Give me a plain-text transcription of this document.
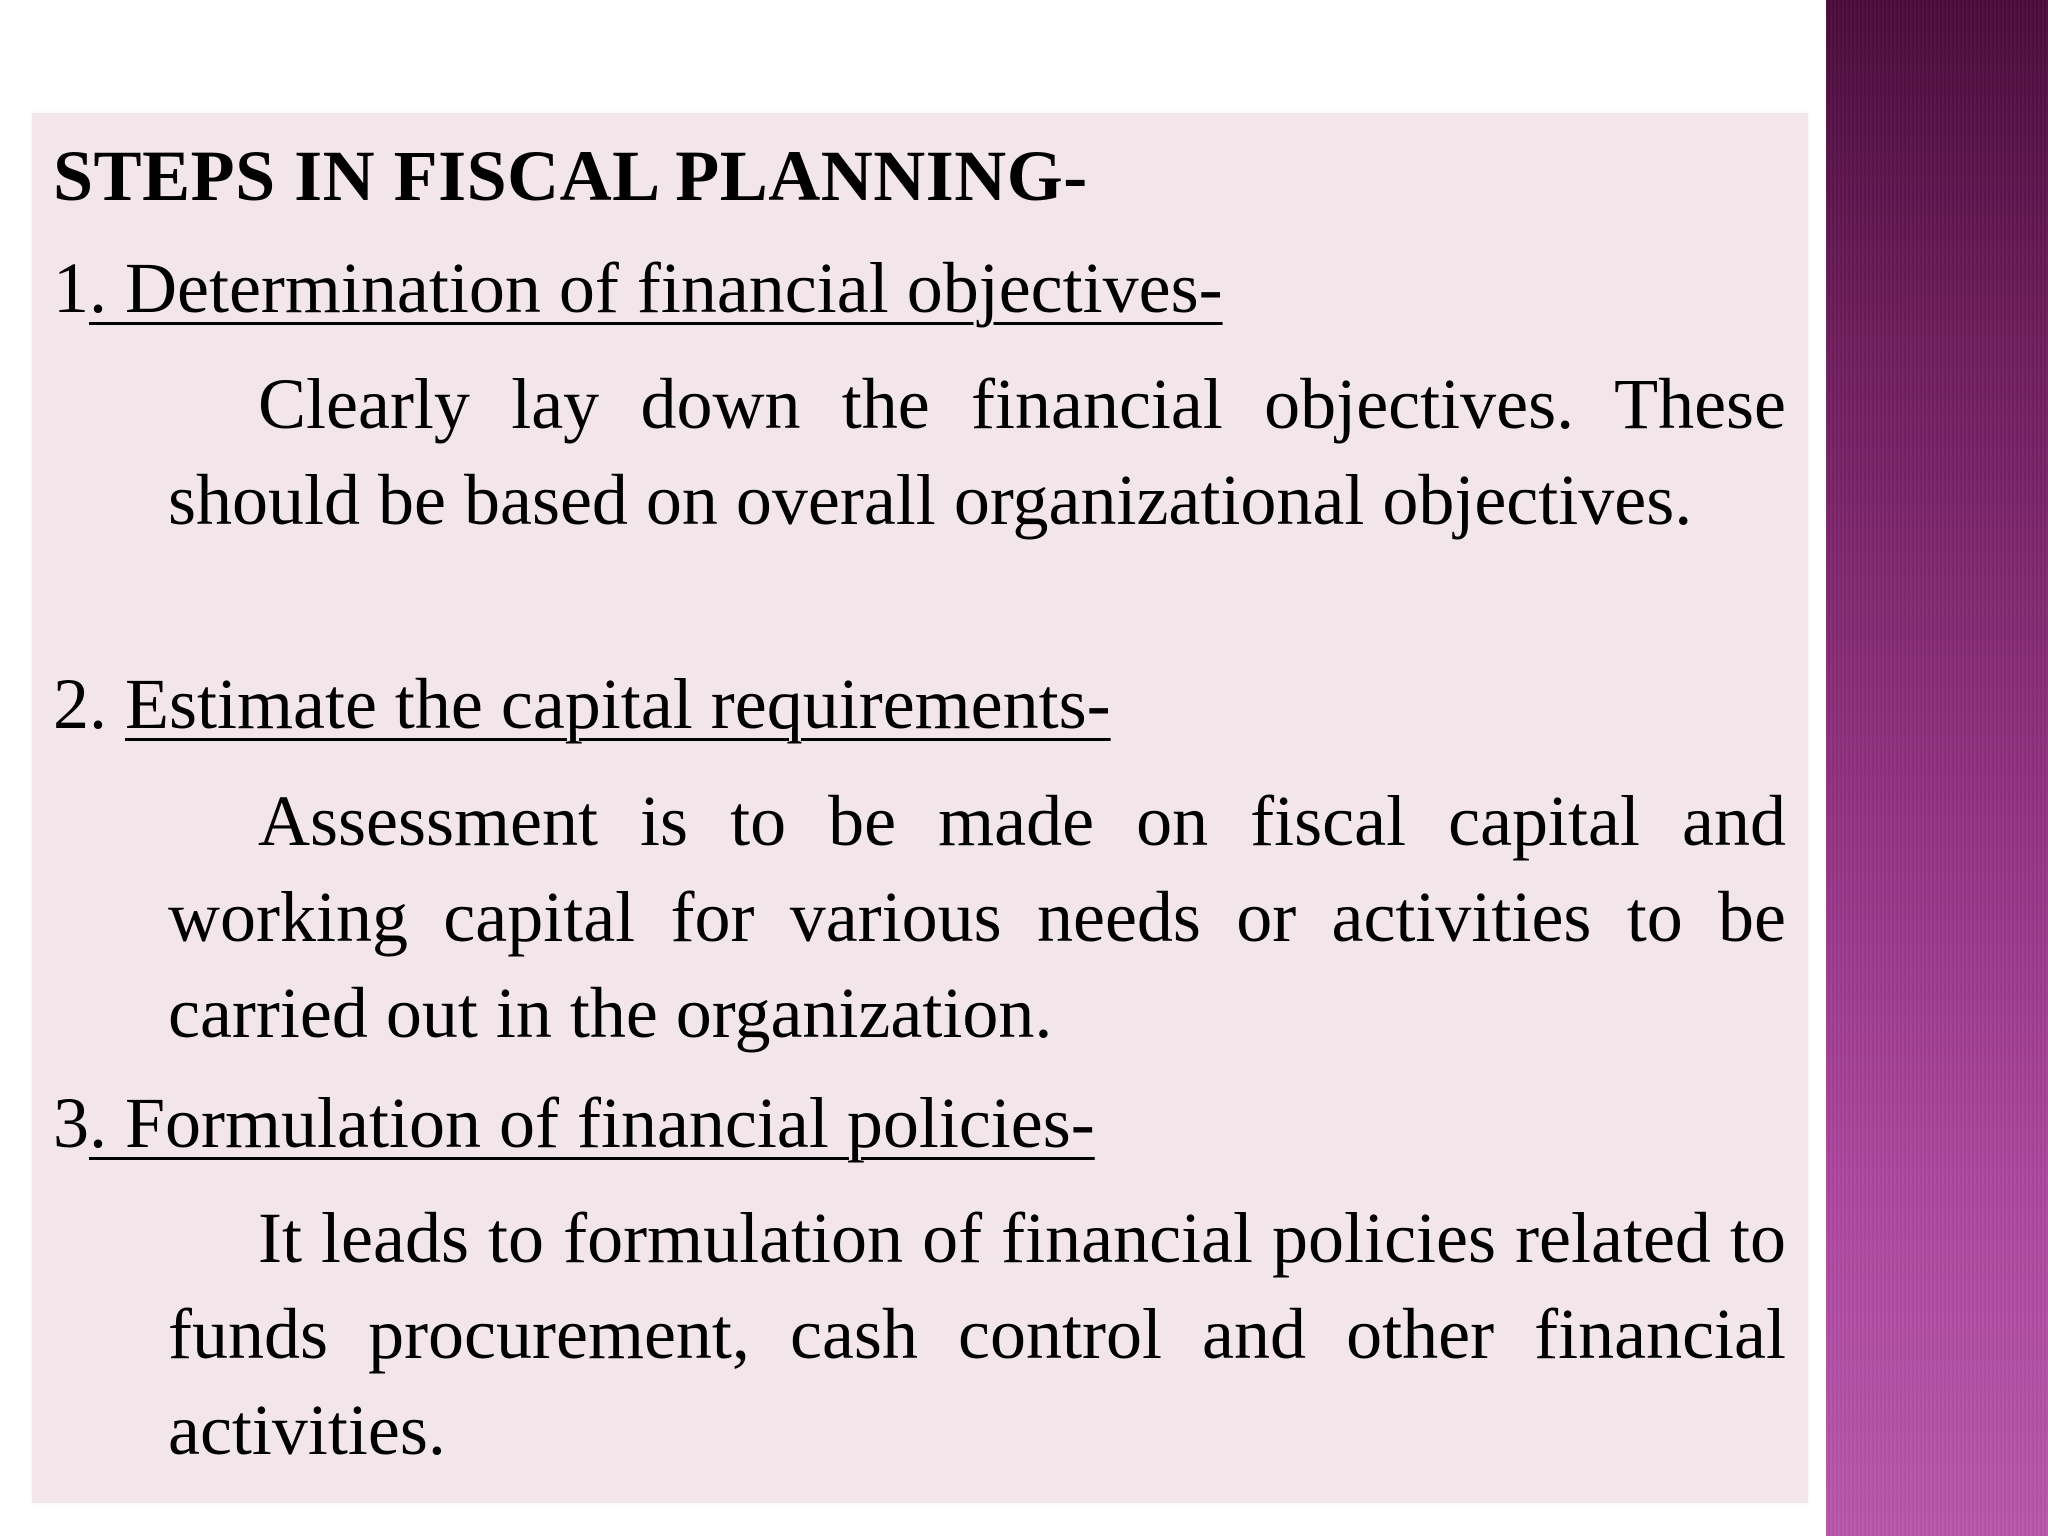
STEPS IN FISCAL PLANNING-

1. Determination of financial objectives-

Clearly lay down the financial objectives. These should be based on overall organizational objectives.

2. Estimate the capital requirements-

Assessment is to be made on fiscal capital and working capital for various needs or activities to be carried out in the organization.

3. Formulation of financial policies-

It leads to formulation of financial policies related to funds procurement, cash control and other financial activities.
